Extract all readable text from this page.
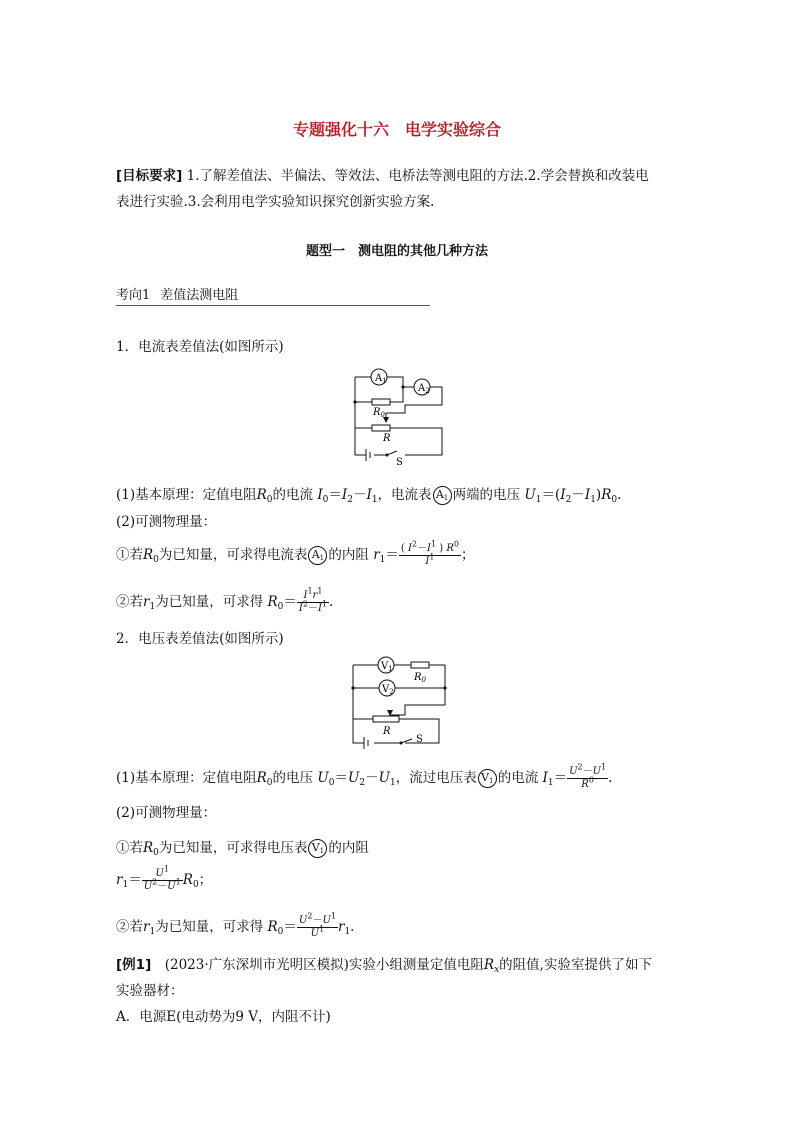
专题强化十六　电学实验综合
[目标要求] 1.了解差值法、半偏法、等效法、电桥法等测电阻的方法.2.学会替换和改装电
表进行实验.3.会利用电学实验知识探究创新实验方案.
题型一　测电阻的其他几种方法
考向1 差值法测电阻
1．电流表差值法(如图所示)
$A_1$
$A_2$
$R_0$
R
S
(1)基本原理：定值电阻$R_0$的电流 $I_0=I_2-I_1$，电流表 $A_1$ 两端的电压 $U_1=(I_2-I_1)R_0$.
(2)可测物理量：
①若$R_0$为已知量，可求得电流表 $A_1$ 的内阻 $r_1= \frac{( I^2-I^1 ) R^0}{I^1}$ ；
②若$r_1$为已知量，可求得 $R_0= \frac{I^1r^1}{I^2-I^1}$ .
2．电压表差值法(如图所示)
$V_1$
$V_2$
$R_0$
R
S
(1)基本原理：定值电阻$R_0$的电压 $U_0=U_2-U_1$，流过电压表 $V_1$ 的电流 $I_1= \frac{U^2-U^1}{R^0}$ .
(2)可测物理量：
①若$R_0$为已知量，可求得电压表 $V_1$ 的内阻
$r_1= \frac{U^1}{U^2-U^1} R_0$；
②若$r_1$为已知量，可求得 $R_0= \frac{U^2-U^1}{U^1} r_1$.
[例1]　 (2023·广东深圳市光明区模拟)实验小组测量定值电阻$R_x$的阻值,实验室提供了如下
实验器材：
A．电源E(电动势为9 V，内阻不计)
